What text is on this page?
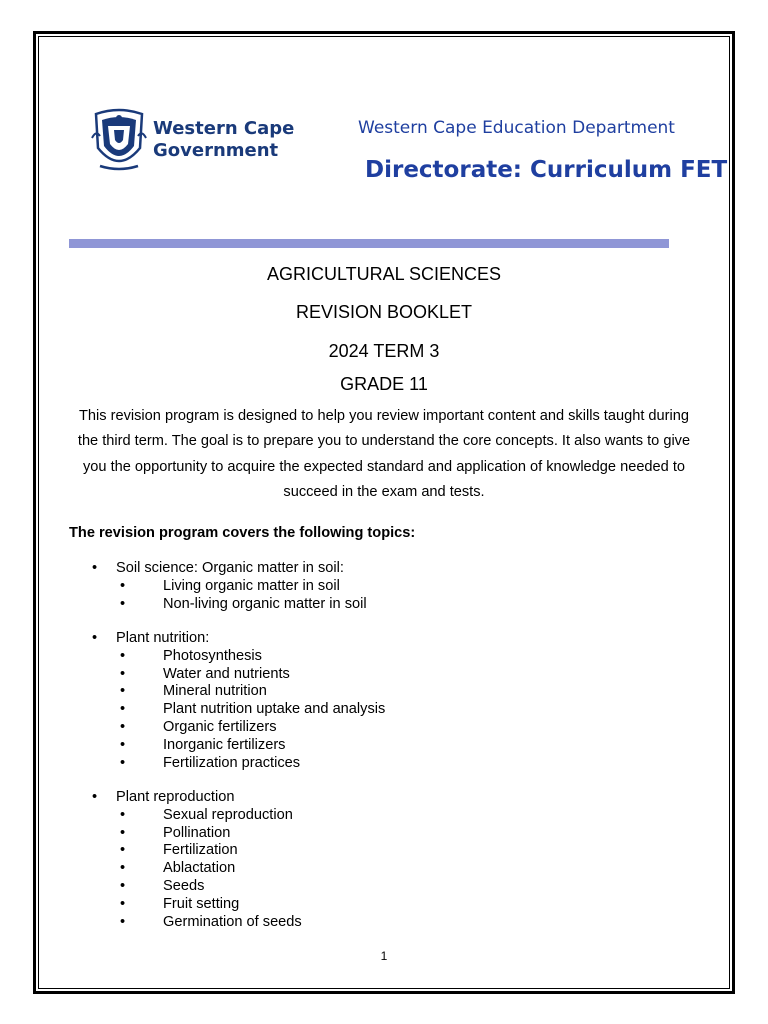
Western Cape
Government
Western Cape Education Department
Directorate: Curriculum FET
AGRICULTURAL SCIENCES
REVISION BOOKLET
2024 TERM 3
GRADE 11
This revision program is designed to help you review important content and skills taught during the third term. The goal is to prepare you to understand the core concepts. It also wants to give you the opportunity to acquire the expected standard and application of knowledge needed to succeed in the exam and tests.
The revision program covers the following topics:
•	Soil science: Organic matter in soil:
•	Living organic matter in soil
•	Non-living organic matter in soil
•	Plant nutrition:
•	Photosynthesis
•	Water and nutrients
•	Mineral nutrition
•	Plant nutrition uptake and analysis
•	Organic fertilizers
•	Inorganic fertilizers
•	Fertilization practices
•	Plant reproduction
•	Sexual reproduction
•	Pollination
•	Fertilization
•	Ablactation
•	Seeds
•	Fruit setting
•	Germination of seeds
1
